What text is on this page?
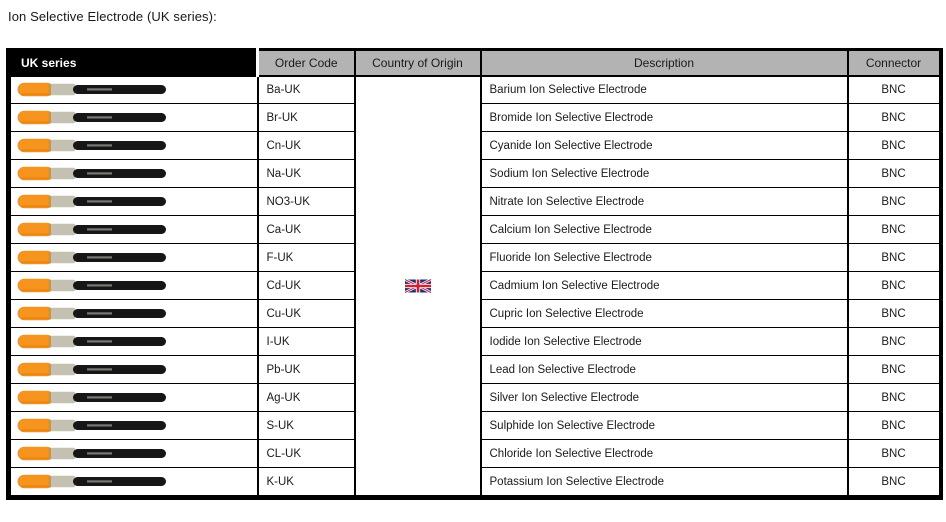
Ion Selective Electrode (UK series):
UK series	Order Code	Country of Origin	Description	Connector

	Ba-UK		Barium Ion Selective Electrode	BNC

	Br-UK		Bromide Ion Selective Electrode	BNC

	Cn-UK		Cyanide Ion Selective Electrode	BNC

	Na-UK		Sodium Ion Selective Electrode	BNC

	NO3-UK		Nitrate Ion Selective Electrode	BNC

	Ca-UK		Calcium Ion Selective Electrode	BNC

	F-UK		Fluoride Ion Selective Electrode	BNC

	Cd-UK		Cadmium Ion Selective Electrode	BNC

	Cu-UK		Cupric Ion Selective Electrode	BNC

	I-UK		Iodide Ion Selective Electrode	BNC

	Pb-UK		Lead Ion Selective Electrode	BNC

	Ag-UK		Silver Ion Selective Electrode	BNC

	S-UK		Sulphide Ion Selective Electrode	BNC

	CL-UK		Chloride Ion Selective Electrode	BNC

	K-UK		Potassium Ion Selective Electrode	BNC
